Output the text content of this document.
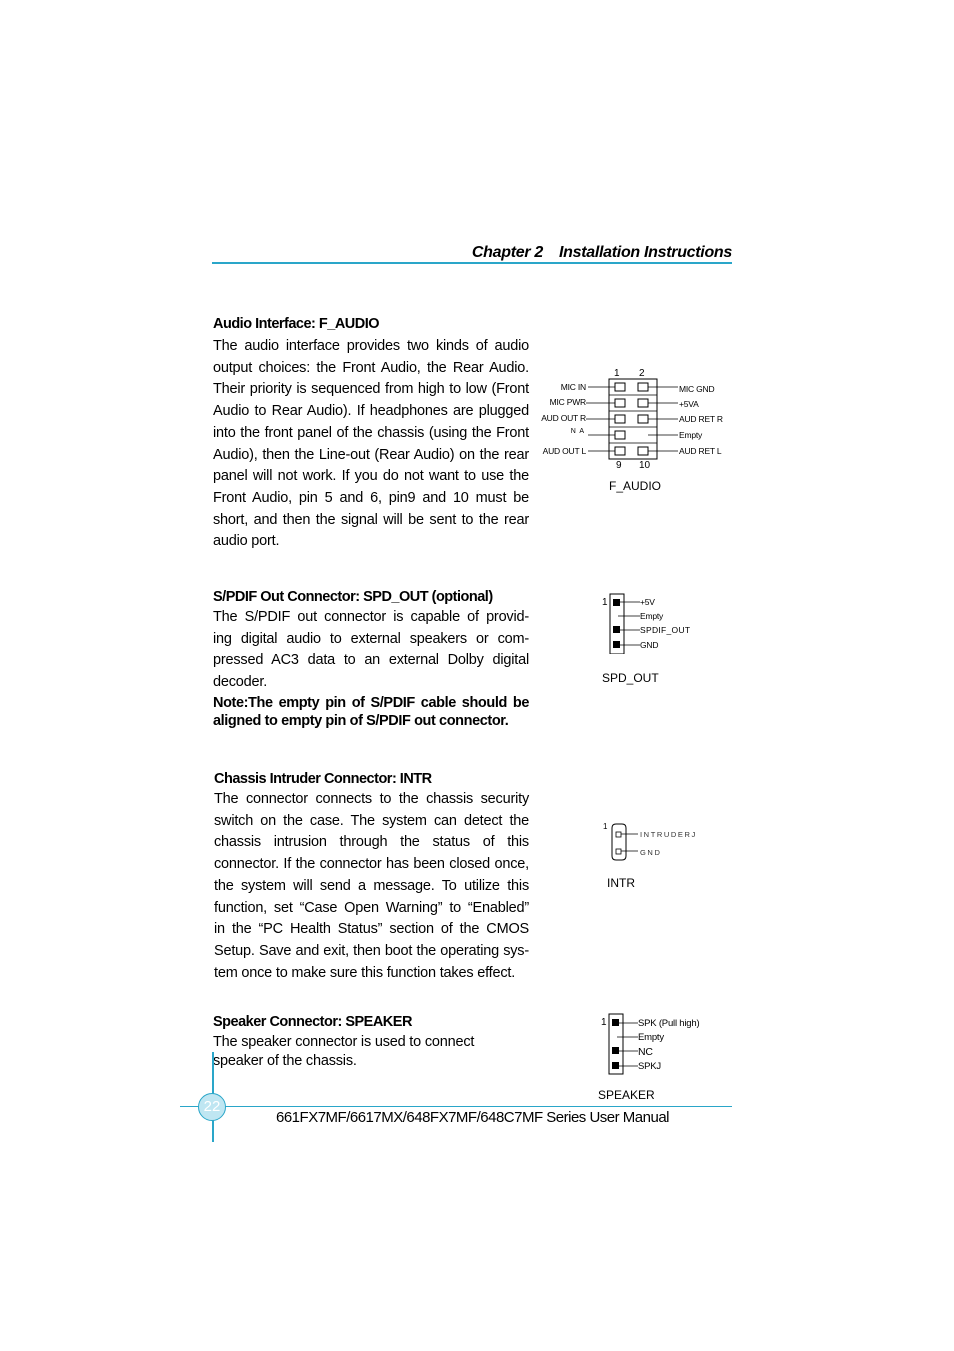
Chapter 2 Installation Instructions
Audio Interface: F_AUDIO
The audio interface provides two kinds of audio
output choices: the Front Audio, the Rear Audio.
Their priority is sequenced from high to low (Front
Audio to Rear Audio). If headphones are plugged
into the front panel of the chassis (using the Front
Audio), then the Line-out (Rear Audio) on the rear
panel will not work. If you do not want to use the
Front Audio, pin 5 and 6, pin9 and 10 must be
short, and then the signal will be sent to the rear
audio port.
1 2
9 10
MIC IN
MIC PWR
AUD OUT R
N A
AUD OUT L
MIC GND
+5VA
AUD RET R
Empty
AUD RET L
F_AUDIO
S/PDIF Out Connector: SPD_OUT (optional)
The S/PDIF out connector is capable of provid-
ing digital audio to external speakers or com-
pressed AC3 data to an external Dolby digital
decoder.
Note:The empty pin of S/PDIF cable should be
aligned to empty pin of S/PDIF out connector.
1	+5V
Empty
SPDIF_OUT
GND
SPD_OUT
Chassis Intruder Connector: INTR
The connector connects to the chassis security
switch on the case. The system can detect the
chassis intrusion through the status of this
connector. If the connector has been closed once,
the system will send a message. To utilize this
function, set “Case Open Warning” to “Enabled”
in the “PC Health Status” section of the CMOS
Setup. Save and exit, then boot the operating sys-
tem once to make sure this function takes effect.
1
INTRUDERJ
GND
INTR
Speaker Connector: SPEAKER
The speaker connector is used to connect
speaker of the chassis.
1	SPK (Pull high)
Empty
NC
SPKJ
SPEAKER
22
661FX7MF/6617MX/648FX7MF/648C7MF Series User Manual
